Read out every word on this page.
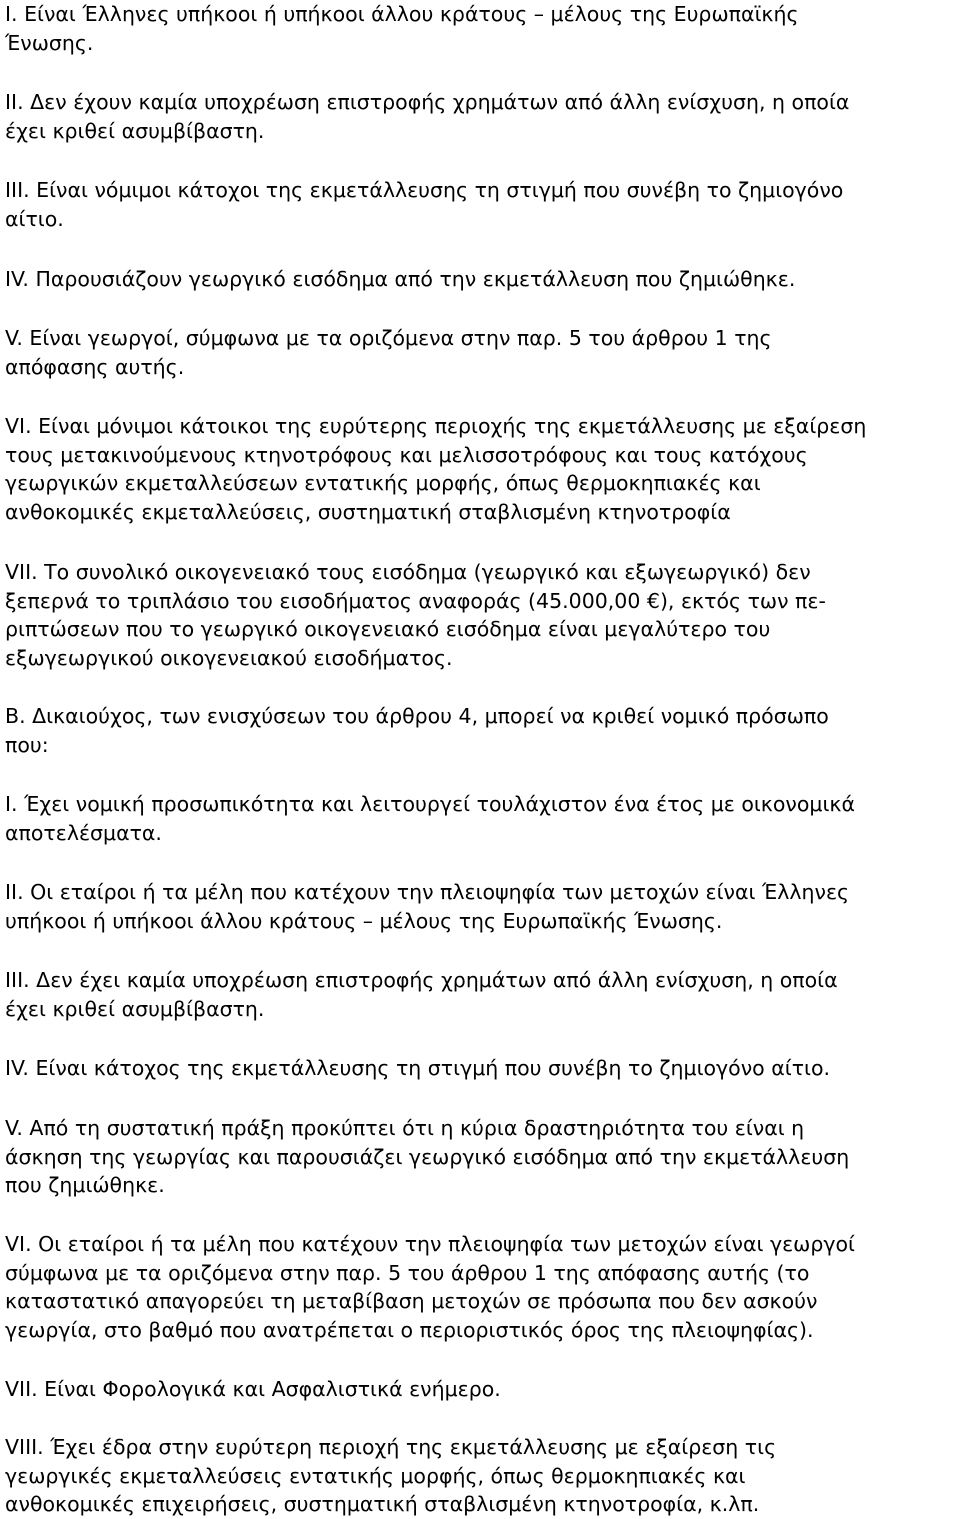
I. Είναι Έλληνες υπήκοοι ή υπήκοοι άλλου κράτους – μέλους της Ευρωπαϊκής
Ένωσης.
II. Δεν έχουν καμία υποχρέωση επιστροφής χρημάτων από άλλη ενίσχυση, η οποία
έχει κριθεί ασυμβίβαστη.
III. Είναι νόμιμοι κάτοχοι της εκμετάλλευσης τη στιγμή που συνέβη το ζημιογόνο
αίτιο.
IV. Παρουσιάζουν γεωργικό εισόδημα από την εκμετάλλευση που ζημιώθηκε.
V. Είναι γεωργοί, σύμφωνα με τα οριζόμενα στην παρ. 5 του άρθρου 1 της
απόφασης αυτής.
VI. Είναι μόνιμοι κάτοικοι της ευρύτερης περιοχής της εκμετάλλευσης με εξαίρεση
τους μετακινούμενους κτηνοτρόφους και μελισσοτρόφους και τους κατόχους
γεωργικών εκμεταλλεύσεων εντατικής μορφής, όπως θερμοκηπιακές και
ανθοκομικές εκμεταλλεύσεις, συστηματική σταβλισμένη κτηνοτροφία
VII. Το συνολικό οικογενειακό τους εισόδημα (γεωργικό και εξωγεωργικό) δεν
ξεπερνά το τριπλάσιο του εισοδήματος αναφοράς (45.000,00 €), εκτός των πε-
ριπτώσεων που το γεωργικό οικογενειακό εισόδημα είναι μεγαλύτερο του
εξωγεωργικού οικογενειακού εισοδήματος.
Β. Δικαιούχος, των ενισχύσεων του άρθρου 4, μπορεί να κριθεί νομικό πρόσωπο
που:
I. Έχει νομική προσωπικότητα και λειτουργεί τουλάχιστον ένα έτος με οικονομικά
αποτελέσματα.
II. Οι εταίροι ή τα μέλη που κατέχουν την πλειοψηφία των μετοχών είναι Έλληνες
υπήκοοι ή υπήκοοι άλλου κράτους – μέλους της Ευρωπαϊκής Ένωσης.
III. Δεν έχει καμία υποχρέωση επιστροφής χρημάτων από άλλη ενίσχυση, η οποία
έχει κριθεί ασυμβίβαστη.
IV. Είναι κάτοχος της εκμετάλλευσης τη στιγμή που συνέβη το ζημιογόνο αίτιο.
V. Από τη συστατική πράξη προκύπτει ότι η κύρια δραστηριότητα του είναι η
άσκηση της γεωργίας και παρουσιάζει γεωργικό εισόδημα από την εκμετάλλευση
που ζημιώθηκε.
VI. Οι εταίροι ή τα μέλη που κατέχουν την πλειοψηφία των μετοχών είναι γεωργοί
σύμφωνα με τα οριζόμενα στην παρ. 5 του άρθρου 1 της απόφασης αυτής (το
καταστατικό απαγορεύει τη μεταβίβαση μετοχών σε πρόσωπα που δεν ασκούν
γεωργία, στο βαθμό που ανατρέπεται ο περιοριστικός όρος της πλειοψηφίας).
VII. Είναι Φορολογικά και Ασφαλιστικά ενήμερο.
VIII. Έχει έδρα στην ευρύτερη περιοχή της εκμετάλλευσης με εξαίρεση τις
γεωργικές εκμεταλλεύσεις εντατικής μορφής, όπως θερμοκηπιακές και
ανθοκομικές επιχειρήσεις, συστηματική σταβλισμένη κτηνοτροφία, κ.λπ.
